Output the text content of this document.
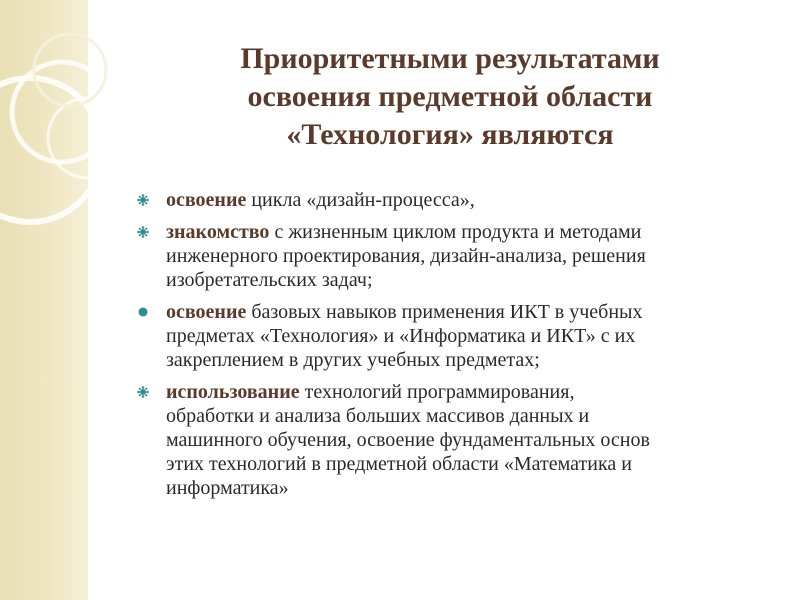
Приоритетными результатами
освоения предметной области
«Технология» являются
освоение цикла «дизайн-процесса»,
знакомство с жизненным циклом продукта и методами
инженерного проектирования, дизайн-анализа, решения
изобретательских задач;
освоение базовых навыков применения ИКТ в учебных
предметах «Технология» и «Информатика и ИКТ» с их
закреплением в других учебных предметах;
использование технологий программирования,
обработки и анализа больших массивов данных и
машинного обучения, освоение фундаментальных основ
этих технологий в предметной области «Математика и
информатика»
